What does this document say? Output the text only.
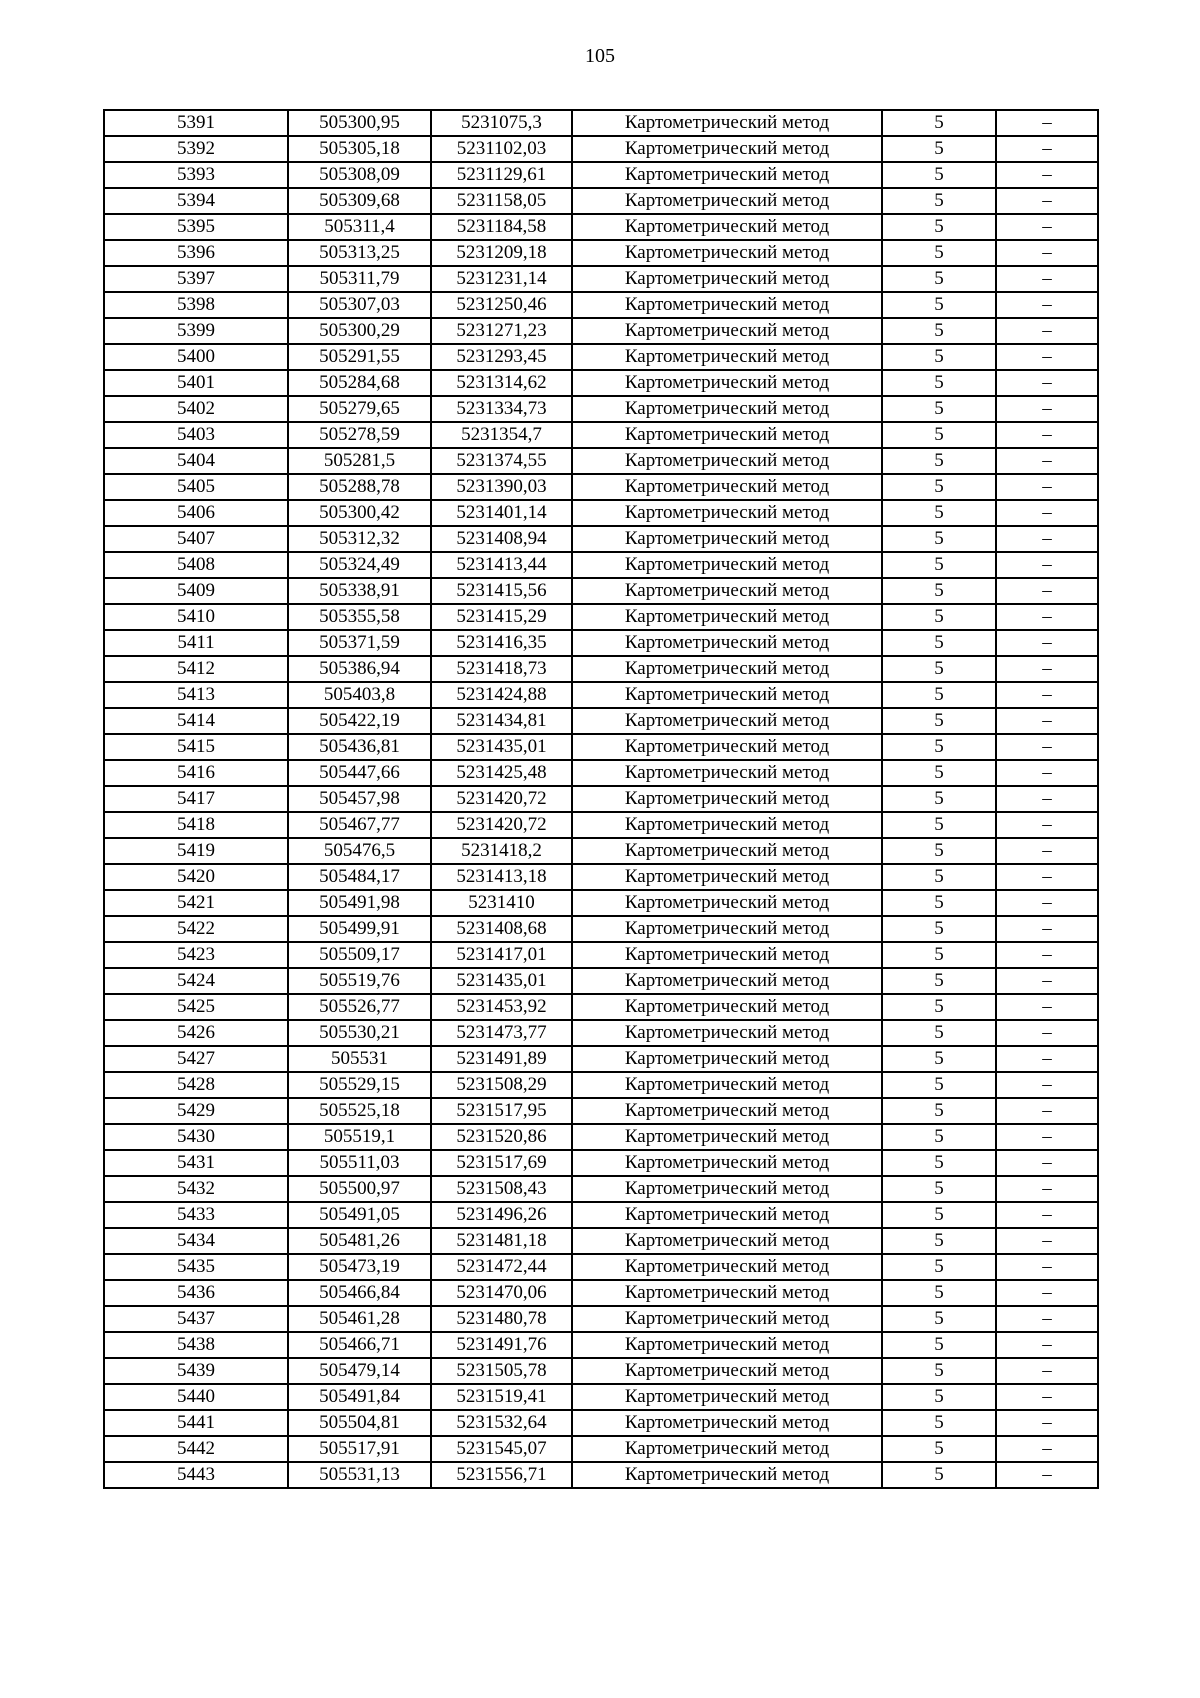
105
5391	505300,95	5231075,3	Картометрический метод	5	–
5392	505305,18	5231102,03	Картометрический метод	5	–
5393	505308,09	5231129,61	Картометрический метод	5	–
5394	505309,68	5231158,05	Картометрический метод	5	–
5395	505311,4	5231184,58	Картометрический метод	5	–
5396	505313,25	5231209,18	Картометрический метод	5	–
5397	505311,79	5231231,14	Картометрический метод	5	–
5398	505307,03	5231250,46	Картометрический метод	5	–
5399	505300,29	5231271,23	Картометрический метод	5	–
5400	505291,55	5231293,45	Картометрический метод	5	–
5401	505284,68	5231314,62	Картометрический метод	5	–
5402	505279,65	5231334,73	Картометрический метод	5	–
5403	505278,59	5231354,7	Картометрический метод	5	–
5404	505281,5	5231374,55	Картометрический метод	5	–
5405	505288,78	5231390,03	Картометрический метод	5	–
5406	505300,42	5231401,14	Картометрический метод	5	–
5407	505312,32	5231408,94	Картометрический метод	5	–
5408	505324,49	5231413,44	Картометрический метод	5	–
5409	505338,91	5231415,56	Картометрический метод	5	–
5410	505355,58	5231415,29	Картометрический метод	5	–
5411	505371,59	5231416,35	Картометрический метод	5	–
5412	505386,94	5231418,73	Картометрический метод	5	–
5413	505403,8	5231424,88	Картометрический метод	5	–
5414	505422,19	5231434,81	Картометрический метод	5	–
5415	505436,81	5231435,01	Картометрический метод	5	–
5416	505447,66	5231425,48	Картометрический метод	5	–
5417	505457,98	5231420,72	Картометрический метод	5	–
5418	505467,77	5231420,72	Картометрический метод	5	–
5419	505476,5	5231418,2	Картометрический метод	5	–
5420	505484,17	5231413,18	Картометрический метод	5	–
5421	505491,98	5231410	Картометрический метод	5	–
5422	505499,91	5231408,68	Картометрический метод	5	–
5423	505509,17	5231417,01	Картометрический метод	5	–
5424	505519,76	5231435,01	Картометрический метод	5	–
5425	505526,77	5231453,92	Картометрический метод	5	–
5426	505530,21	5231473,77	Картометрический метод	5	–
5427	505531	5231491,89	Картометрический метод	5	–
5428	505529,15	5231508,29	Картометрический метод	5	–
5429	505525,18	5231517,95	Картометрический метод	5	–
5430	505519,1	5231520,86	Картометрический метод	5	–
5431	505511,03	5231517,69	Картометрический метод	5	–
5432	505500,97	5231508,43	Картометрический метод	5	–
5433	505491,05	5231496,26	Картометрический метод	5	–
5434	505481,26	5231481,18	Картометрический метод	5	–
5435	505473,19	5231472,44	Картометрический метод	5	–
5436	505466,84	5231470,06	Картометрический метод	5	–
5437	505461,28	5231480,78	Картометрический метод	5	–
5438	505466,71	5231491,76	Картометрический метод	5	–
5439	505479,14	5231505,78	Картометрический метод	5	–
5440	505491,84	5231519,41	Картометрический метод	5	–
5441	505504,81	5231532,64	Картометрический метод	5	–
5442	505517,91	5231545,07	Картометрический метод	5	–
5443	505531,13	5231556,71	Картометрический метод	5	–
